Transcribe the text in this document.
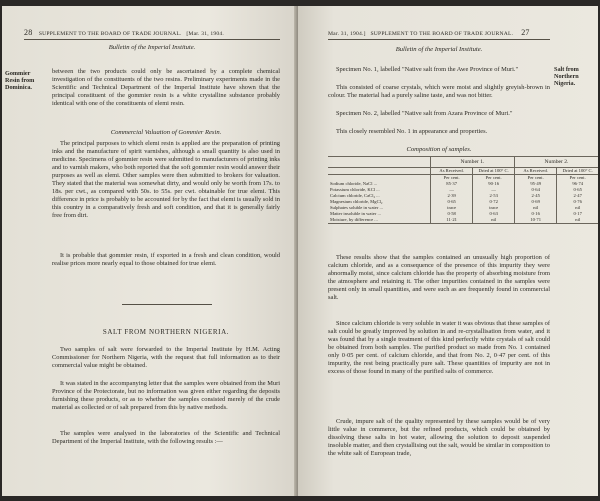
28 SUPPLEMENT TO THE BOARD OF TRADE JOURNAL. [Mar. 31, 1904.
Bulletin of the Imperial Institute.
Gommier
Resin from
Dominica.

between the two products could only be ascertained by a complete chemical investigation of the constituents of the two resins. Preliminary experiments made in the Scientific and Technical Department of the Imperial Institute have shown that the principal constituent of the gommier resin is a white crystalline substance probably identical with one of the constituents of elemi resin.

Commercial Valuation of Gommier Resin.

The principal purposes to which elemi resin is applied are the preparation of printing inks and the manufacture of spirit varnishes, although a small quantity is also used in medicine. Specimens of gommier resin were submitted to manufacturers of printing inks and to varnish makers, who both reported that the soft gommier resin would answer their purposes as well as elemi. Other samples were then submitted to brokers for valuation. They stated that the material was somewhat dirty, and would only be worth from 17s. to 18s. per cwt., as compared with 50s. to 55s. per cwt. obtainable for true elemi. This difference in price is probably to be accounted for by the fact that elemi is usually sold in this country in a comparatively fresh and soft condition, and that it is generally fairly free from dirt.

It is probable that gommier resin, if exported in a fresh and clean condition, would realise prices more nearly equal to those obtained for true elemi.

SALT FROM NORTHERN NIGERIA.

Two samples of salt were forwarded to the Imperial Institute by H.M. Acting Commissioner for Northern Nigeria, with the request that full information as to their commercial value might be obtained.

It was stated in the accompanying letter that the samples were obtained from the Muri Province of the Protectorate, but no information was given either regarding the deposits furnishing these products, or as to whether the samples consisted merely of the crude material as collected or of salt prepared from this by native methods.

The samples were analysed in the laboratories of the Scientific and Technical Department of the Imperial Institute, with the following results :—

Mar. 31, 1904.] SUPPLEMENT TO THE BOARD OF TRADE JOURNAL. 27
Bulletin of the Imperial Institute.
Salt from
Northern
Nigeria.

Specimen No. 1, labelled "Native salt from the Awe Province of Muri."

This consisted of coarse crystals, which were moist and slightly greyish-brown in colour. The material had a purely saline taste, and was not bitter.

Specimen No. 2, labelled "Native salt from Azara Province of Muri."

This closely resembled No. 1 in appearance and properties.

Composition of samples.
	Number 1.		Number 2.	
	As Received.	Dried at 100° C.	As Received.	Dried at 100° C.
	Per cent.	Per cent.	Per cent.	Per cent.
Sodium chloride, NaCl ...	85·37	90·16	95·49	96·74
Potassium chloride, KCl ...	—	—	0·64	0·65
Calcium chloride, CaCl₂ ...	2·39	2·53	2·45	2·47
Magnesium chloride, MgCl₂	0·65	0·72	0·69	0·76
Sulphates soluble in water ...	trace	trace	nil	nil
Matter insoluble in water ...	0·58	0·63	0·16	0·17
Moisture, by difference ...	11·21	nil	10·71	nil

These results show that the samples contained an unusually high proportion of calcium chloride, and as a consequence of the presence of this impurity they were abnormally moist, since calcium chloride has the property of absorbing moisture from the atmosphere and retaining it. The other impurities contained in the samples were present only in small quantities, and were such as are frequently found in commercial salt.

Since calcium chloride is very soluble in water it was obvious that these samples of salt could be greatly improved by solution in and re-crystallisation from water, and it was found that by a single treatment of this kind perfectly white crystals of salt could be obtained from both samples. The purified product so made from No. 1 contained only 0·05 per cent. of calcium chloride, and that from No. 2, 0·47 per cent. of this impurity, the rest being practically pure salt. These quantities of impurity are not in excess of those found in many of the purified salts of commerce.

Crude, impure salt of the quality represented by these samples would be of very little value in commerce, but the refined products, which could be obtained by dissolving these salts in hot water, allowing the solution to deposit suspended insoluble matter, and then crystallising out the salt, would be similar in composition to the white salt of European trade,
